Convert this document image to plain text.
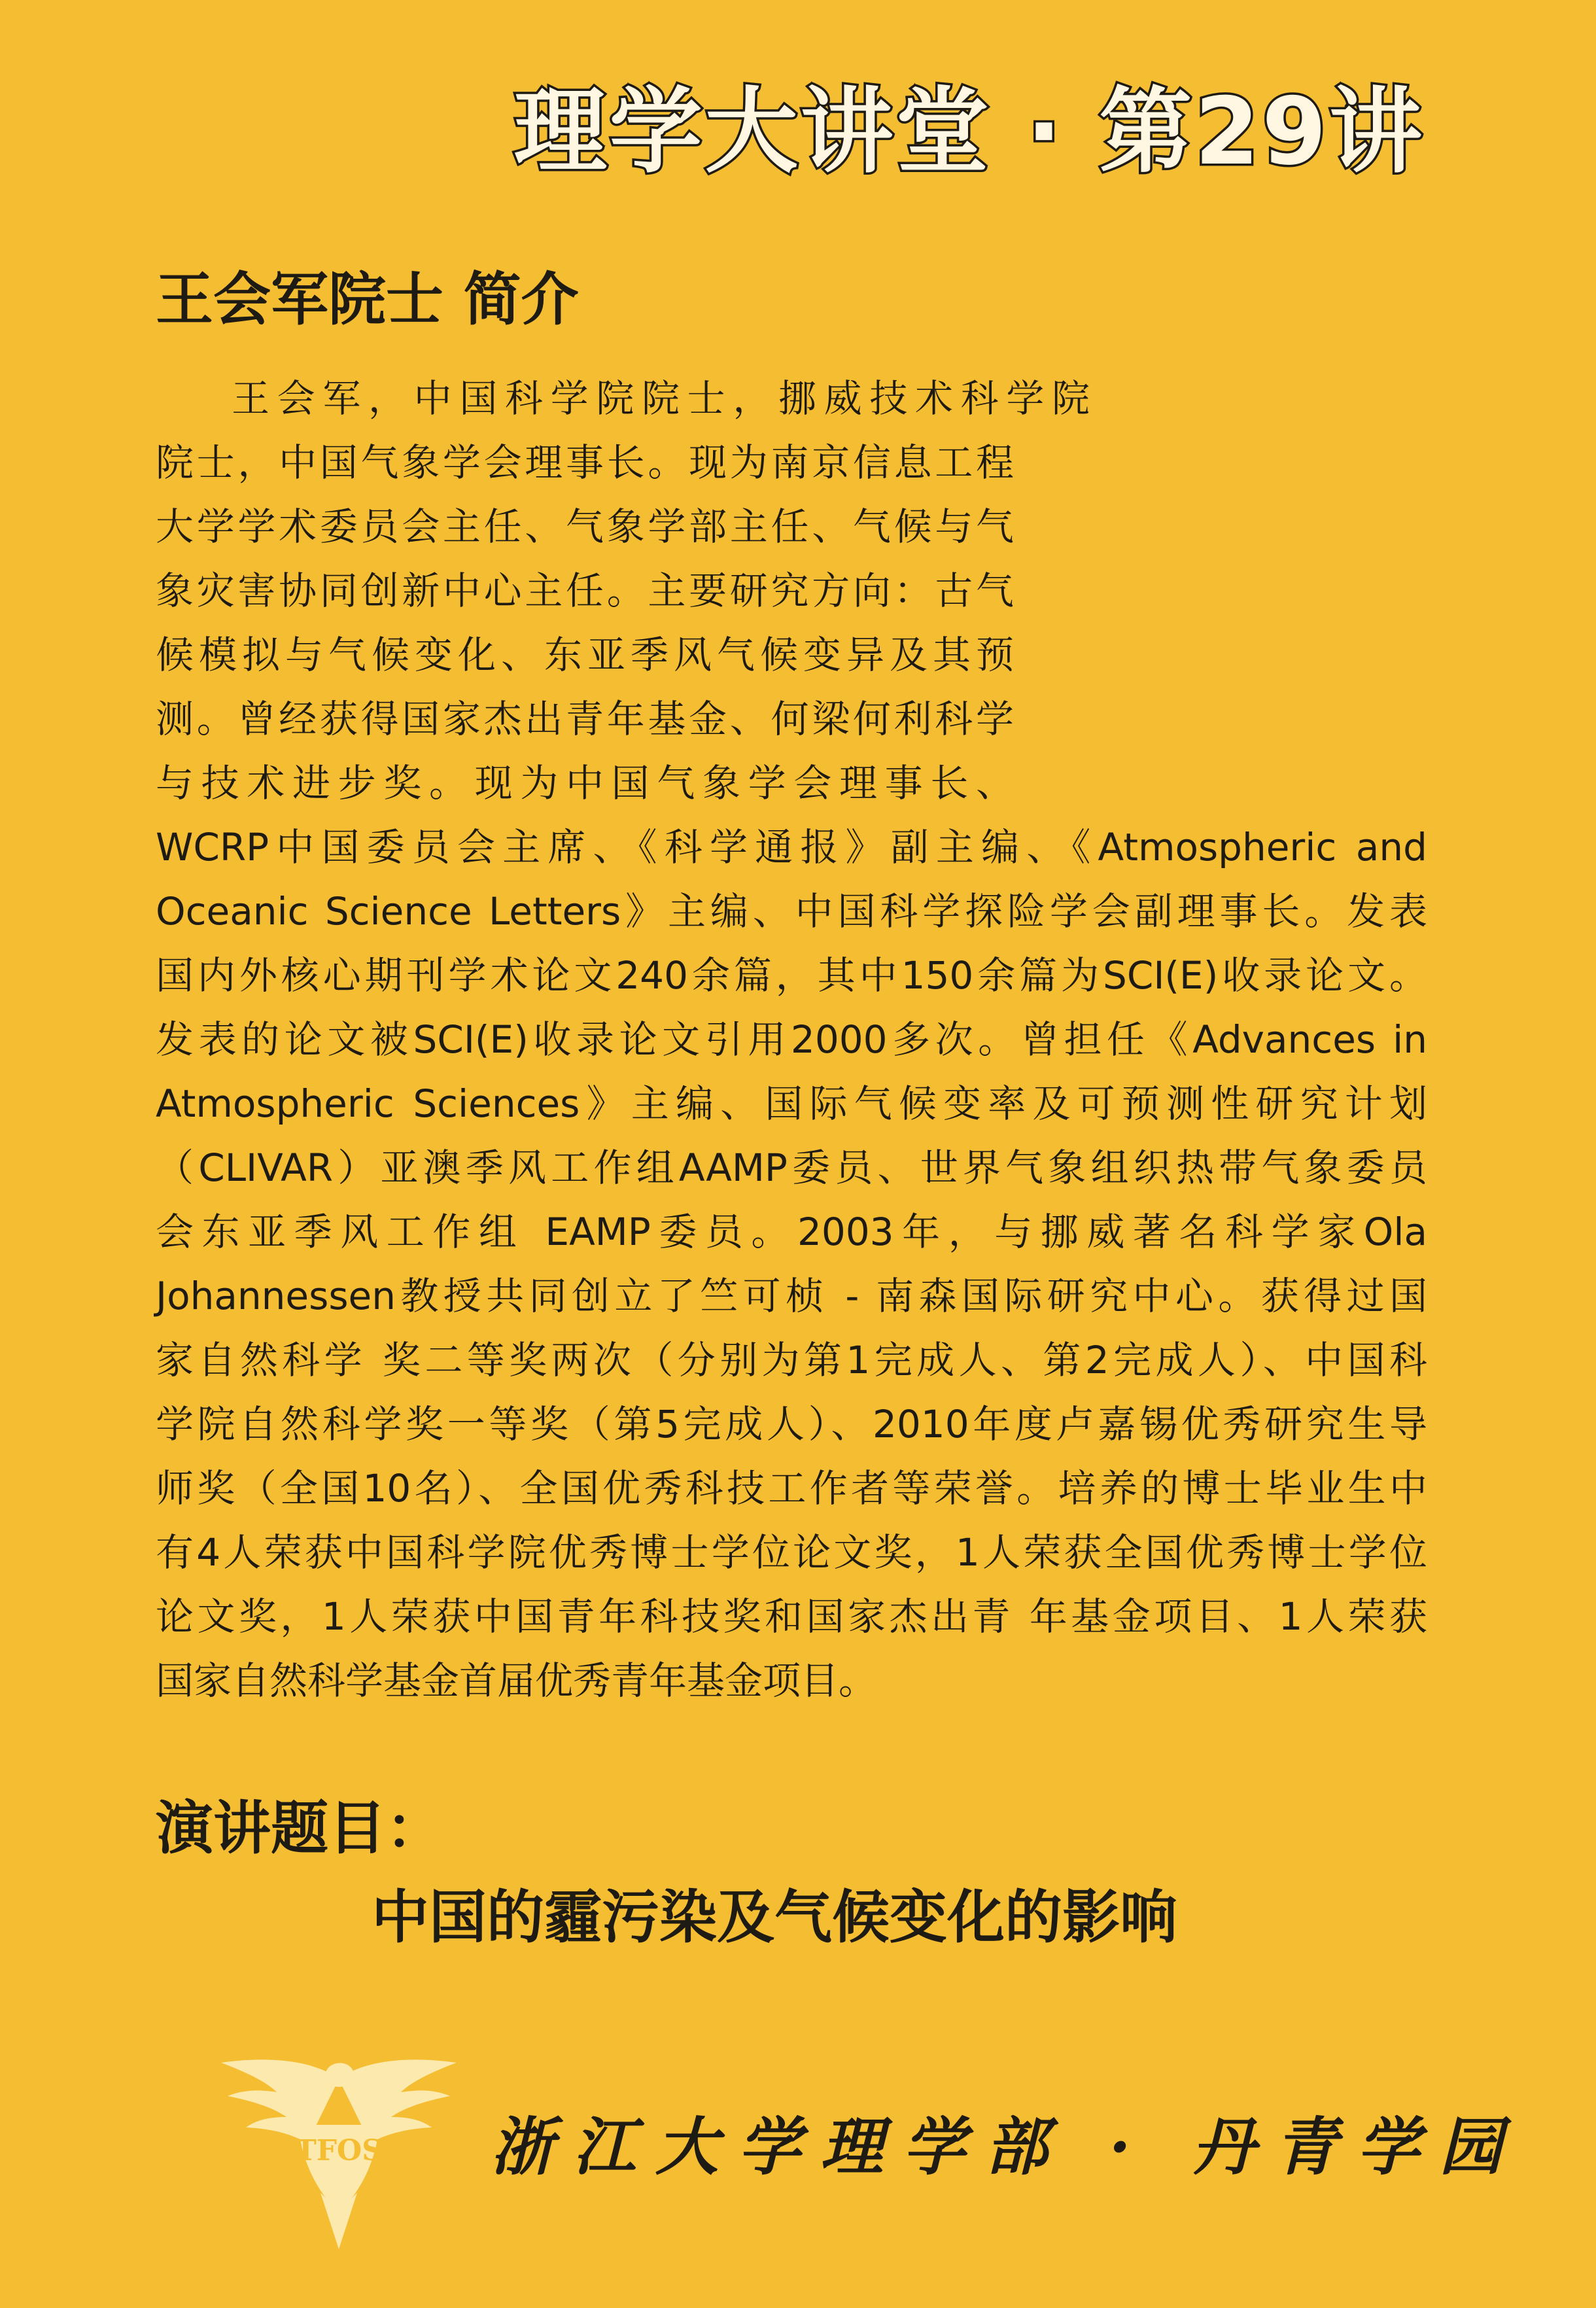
理学大讲堂 · 第29讲
王会军院士 简介
王会军，中国科学院院士，挪威技术科学院
院士，中国气象学会理事长。现为南京信息工程
大学学术委员会主任、气象学部主任、气候与气
象灾害协同创新中心主任。主要研究方向：古气
候模拟与气候变化、东亚季风气候变异及其预
测。曾经获得国家杰出青年基金、何梁何利科学
与技术进步奖。现为中国气象学会理事长、
WCRP中国委员会主席、《科学通报》副主编、《Atmospheric and
Oceanic Science Letters》主编、中国科学探险学会副理事长。发表
国内外核心期刊学术论文240余篇，其中150余篇为SCI(E)收录论文。
发表的论文被SCI(E)收录论文引用2000多次。曾担任《Advances in
Atmospheric Sciences》主编、国际气候变率及可预测性研究计划
（CLIVAR）亚澳季风工作组AAMP委员、世界气象组织热带气象委员
会东亚季风工作组 EAMP委员。2003年，与挪威著名科学家Ola
Johannessen教授共同创立了竺可桢 - 南森国际研究中心。获得过国
家自然科学 奖二等奖两次（分别为第1完成人、第2完成人）、中国科
学院自然科学奖一等奖（第5完成人）、2010年度卢嘉锡优秀研究生导
师奖（全国10名）、全国优秀科技工作者等荣誉。培养的博士毕业生中
有4人荣获中国科学院优秀博士学位论文奖，1人荣获全国优秀博士学位
论文奖，1人荣获中国青年科技奖和国家杰出青 年基金项目、1人荣获
国家自然科学基金首届优秀青年基金项目。
演讲题目：
中国的霾污染及气候变化的影响
TFOS 浙江大学理学部 · 丹青学园
